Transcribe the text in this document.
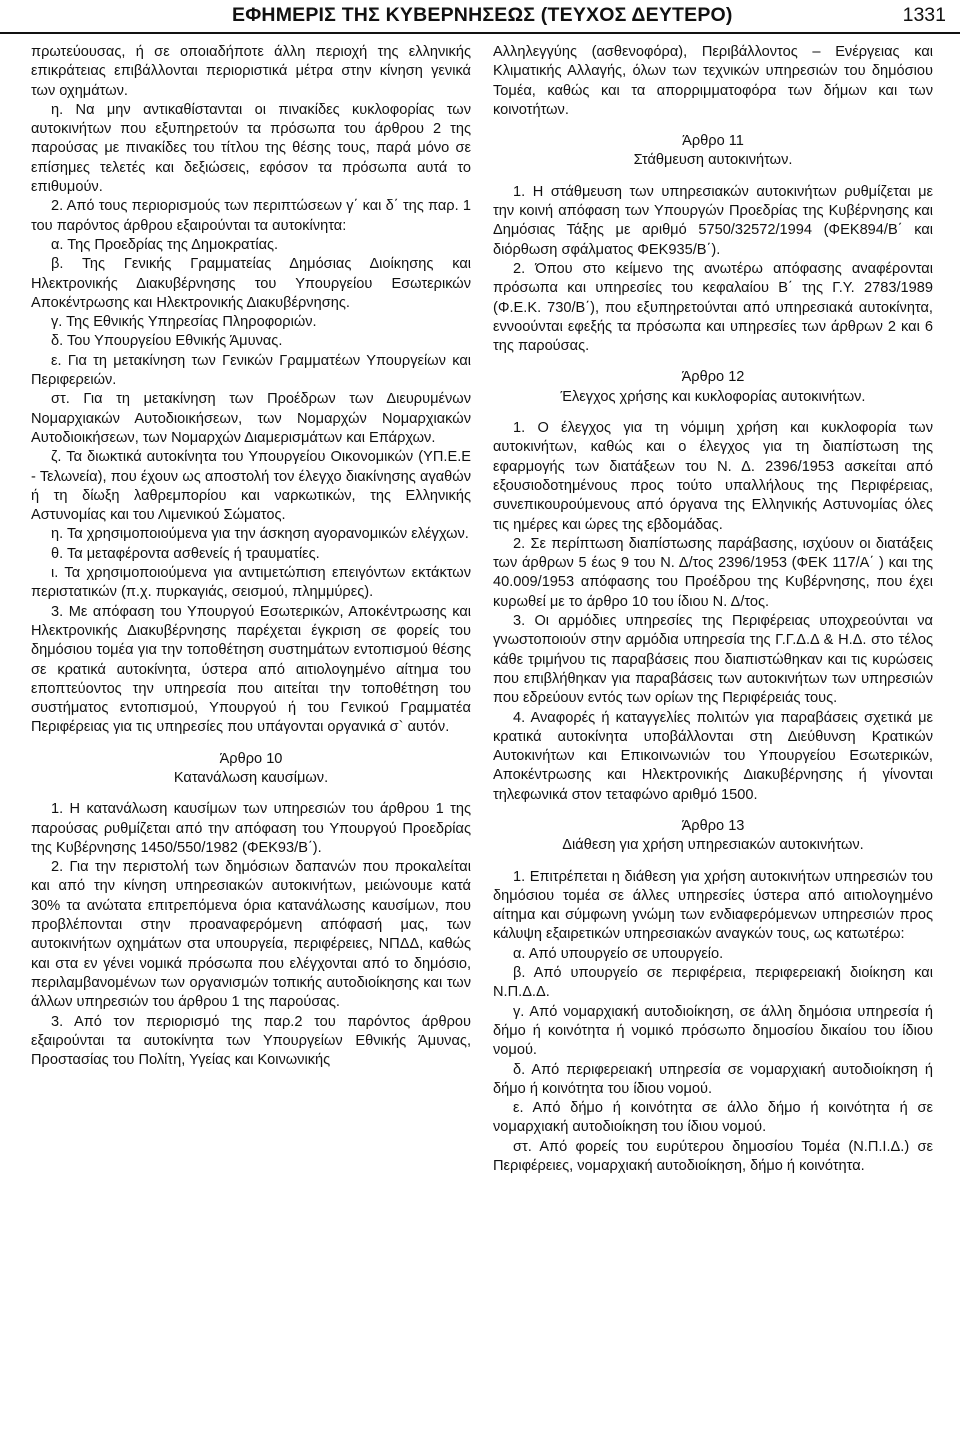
ΕΦΗΜΕΡΙΣ ΤΗΣ ΚΥΒΕΡΝΗΣΕΩΣ (ΤΕΥΧΟΣ ΔΕΥΤΕΡΟ)	1331

πρωτεύουσας, ή σε οποιαδήποτε άλλη περιοχή της ελληνικής επικράτειας επιβάλλονται περιοριστικά μέτρα στην κίνηση γενικά των οχημάτων.

η. Να μην αντικαθίστανται οι πινακίδες κυκλοφορίας των αυτοκινήτων που εξυπηρετούν τα πρόσωπα του άρθρου 2 της παρούσας με πινακίδες του τίτλου της θέσης τους, παρά μόνο σε επίσημες τελετές και δεξιώσεις, εφόσον τα πρόσωπα αυτά το επιθυμούν.

2. Από τους περιορισμούς των περιπτώσεων γ΄ και δ΄ της παρ. 1 του παρόντος άρθρου εξαιρούνται τα αυτοκίνητα:

α. Της Προεδρίας της Δημοκρατίας.

β. Της Γενικής Γραμματείας Δημόσιας Διοίκησης και Ηλεκτρονικής Διακυβέρνησης του Υπουργείου Εσωτερικών Αποκέντρωσης και Ηλεκτρονικής Διακυβέρνησης.

γ. Της Εθνικής Υπηρεσίας Πληροφοριών.

δ. Του Υπουργείου Εθνικής Άμυνας.

ε. Για τη μετακίνηση των Γενικών Γραμματέων Υπουργείων και Περιφερειών.

στ. Για τη μετακίνηση των Προέδρων των Διευρυμένων Νομαρχιακών Αυτοδιοικήσεων, των Νομαρχών Νομαρχιακών Αυτοδιοικήσεων, των Νομαρχών Διαμερισμάτων και Επάρχων.

ζ. Τα διωκτικά αυτοκίνητα του Υπουργείου Οικονομικών (ΥΠ.Ε.Ε - Τελωνεία), που έχουν ως αποστολή τον έλεγχο διακίνησης αγαθών ή τη δίωξη λαθρεμπορίου και ναρκωτικών, της Ελληνικής Αστυνομίας και του Λιμενικού Σώματος.

η. Τα χρησιμοποιούμενα για την άσκηση αγορανομικών ελέγχων.

θ. Τα μεταφέροντα ασθενείς ή τραυματίες.

ι. Τα χρησιμοποιούμενα για αντιμετώπιση επειγόντων εκτάκτων περιστατικών (π.χ. πυρκαγιάς, σεισμού, πλημμύρες).

3. Με απόφαση του Υπουργού Εσωτερικών, Αποκέντρωσης και Ηλεκτρονικής Διακυβέρνησης παρέχεται έγκριση σε φορείς του δημόσιου τομέα για την τοποθέτηση συστημάτων εντοπισμού θέσης σε κρατικά αυτοκίνητα, ύστερα από αιτιολογημένο αίτημα του εποπτεύοντος την υπηρεσία που αιτείται την τοποθέτηση του συστήματος εντοπισμού, Υπουργού ή του Γενικού Γραμματέα Περιφέρειας για τις υπηρεσίες που υπάγονται οργανικά σ` αυτόν.

Άρθρο 10

Κατανάλωση καυσίμων.

1. Η κατανάλωση καυσίμων των υπηρεσιών του άρθρου 1 της παρούσας ρυθμίζεται από την απόφαση του Υπουργού Προεδρίας της Κυβέρνησης 1450/550/1982 (ΦΕΚ93/Β΄).

2. Για την περιστολή των δημόσιων δαπανών που προκαλείται και από την κίνηση υπηρεσιακών αυτοκινήτων, μειώνουμε κατά 30% τα ανώτατα επιτρεπόμενα όρια κατανάλωσης καυσίμων, που προβλέπονται στην προαναφερόμενη απόφασή μας, των αυτοκινήτων οχημάτων στα υπουργεία, περιφέρειες, ΝΠΔΔ, καθώς και στα εν γένει νομικά πρόσωπα που ελέγχονται από το δημόσιο, περιλαμβανομένων των οργανισμών τοπικής αυτοδιοίκησης και των άλλων υπηρεσιών του άρθρου 1 της παρούσας.

3. Από τον περιορισμό της παρ.2 του παρόντος άρθρου εξαιρούνται τα αυτοκίνητα των Υπουργείων Εθνικής Άμυνας, Προστασίας του Πολίτη, Υγείας και Κοινωνικής

Αλληλεγγύης (ασθενοφόρα), Περιβάλλοντος – Ενέργειας και Κλιματικής Αλλαγής, όλων των τεχνικών υπηρεσιών του δημόσιου Τομέα, καθώς και τα απορριμματοφόρα των δήμων και των κοινοτήτων.

Άρθρο 11

Στάθμευση αυτοκινήτων.

1. Η στάθμευση των υπηρεσιακών αυτοκινήτων ρυθμίζεται με την κοινή απόφαση των Υπουργών Προεδρίας της Κυβέρνησης και Δημόσιας Τάξης με αριθμό 5750/32572/1994 (ΦΕΚ894/Β΄ και διόρθωση σφάλματος ΦΕΚ935/Β΄).

2. Όπου στο κείμενο της ανωτέρω απόφασης αναφέρονται πρόσωπα και υπηρεσίες του κεφαλαίου Β΄ της Γ.Υ. 2783/1989 (Φ.Ε.Κ. 730/Β΄), που εξυπηρετούνται από υπηρεσιακά αυτοκίνητα, εννοούνται εφεξής τα πρόσωπα και υπηρεσίες των άρθρων 2 και 6 της παρούσας.

Άρθρο 12

Έλεγχος χρήσης και κυκλοφορίας αυτοκινήτων.

1. Ο έλεγχος για τη νόμιμη χρήση και κυκλοφορία των αυτοκινήτων, καθώς και ο έλεγχος για τη διαπίστωση της εφαρμογής των διατάξεων του Ν. Δ. 2396/1953 ασκείται από εξουσιοδοτημένους προς τούτο υπαλλήλους της Περιφέρειας, συνεπικουρούμενους από όργανα της Ελληνικής Αστυνομίας όλες τις ημέρες και ώρες της εβδομάδας.

2. Σε περίπτωση διαπίστωσης παράβασης, ισχύουν οι διατάξεις των άρθρων 5 έως 9 του Ν. Δ/τος 2396/1953 (ΦΕΚ 117/Α΄ ) και της 40.009/1953 απόφασης του Προέδρου της Κυβέρνησης, που έχει κυρωθεί με το άρθρο 10 του ίδιου Ν. Δ/τος.

3. Οι αρμόδιες υπηρεσίες της Περιφέρειας υποχρεούνται να γνωστοποιούν στην αρμόδια υπηρεσία της Γ.Γ.Δ.Δ & Η.Δ. στο τέλος κάθε τριμήνου τις παραβάσεις που διαπιστώθηκαν και τις κυρώσεις που επιβλήθηκαν για παραβάσεις των αυτοκινήτων των υπηρεσιών που εδρεύουν εντός των ορίων της Περιφέρειάς τους.

4. Αναφορές ή καταγγελίες πολιτών για παραβάσεις σχετικά με κρατικά αυτοκίνητα υποβάλλονται στη Διεύθυνση Κρατικών Αυτοκινήτων και Επικοινωνιών του Υπουργείου Εσωτερικών, Αποκέντρωσης και Ηλεκτρονικής Διακυβέρνησης ή γίνονται τηλεφωνικά στον τεταφώνο αριθμό 1500.

Άρθρο 13

Διάθεση για χρήση υπηρεσιακών αυτοκινήτων.

1. Επιτρέπεται η διάθεση για χρήση αυτοκινήτων υπηρεσιών του δημόσιου τομέα σε άλλες υπηρεσίες ύστερα από αιτιολογημένο αίτημα και σύμφωνη γνώμη των ενδιαφερόμενων υπηρεσιών προς κάλυψη εξαιρετικών υπηρεσιακών αναγκών τους, ως κατωτέρω:

α. Από υπουργείο σε υπουργείο.

β. Από υπουργείο σε περιφέρεια, περιφερειακή διοίκηση και Ν.Π.Δ.Δ.

γ. Από νομαρχιακή αυτοδιοίκηση, σε άλλη δημόσια υπηρεσία ή δήμο ή κοινότητα ή νομικό πρόσωπο δημοσίου δικαίου του ίδιου νομού.

δ. Από περιφερειακή υπηρεσία σε νομαρχιακή αυτοδιοίκηση ή δήμο ή κοινότητα του ίδιου νομού.

ε. Από δήμο ή κοινότητα σε άλλο δήμο ή κοινότητα ή σε νομαρχιακή αυτοδιοίκηση του ίδιου νομού.

στ. Από φορείς του ευρύτερου δημοσίου Τομέα (Ν.Π.Ι.Δ.) σε Περιφέρειες, νομαρχιακή αυτοδιοίκηση, δήμο ή κοινότητα.
